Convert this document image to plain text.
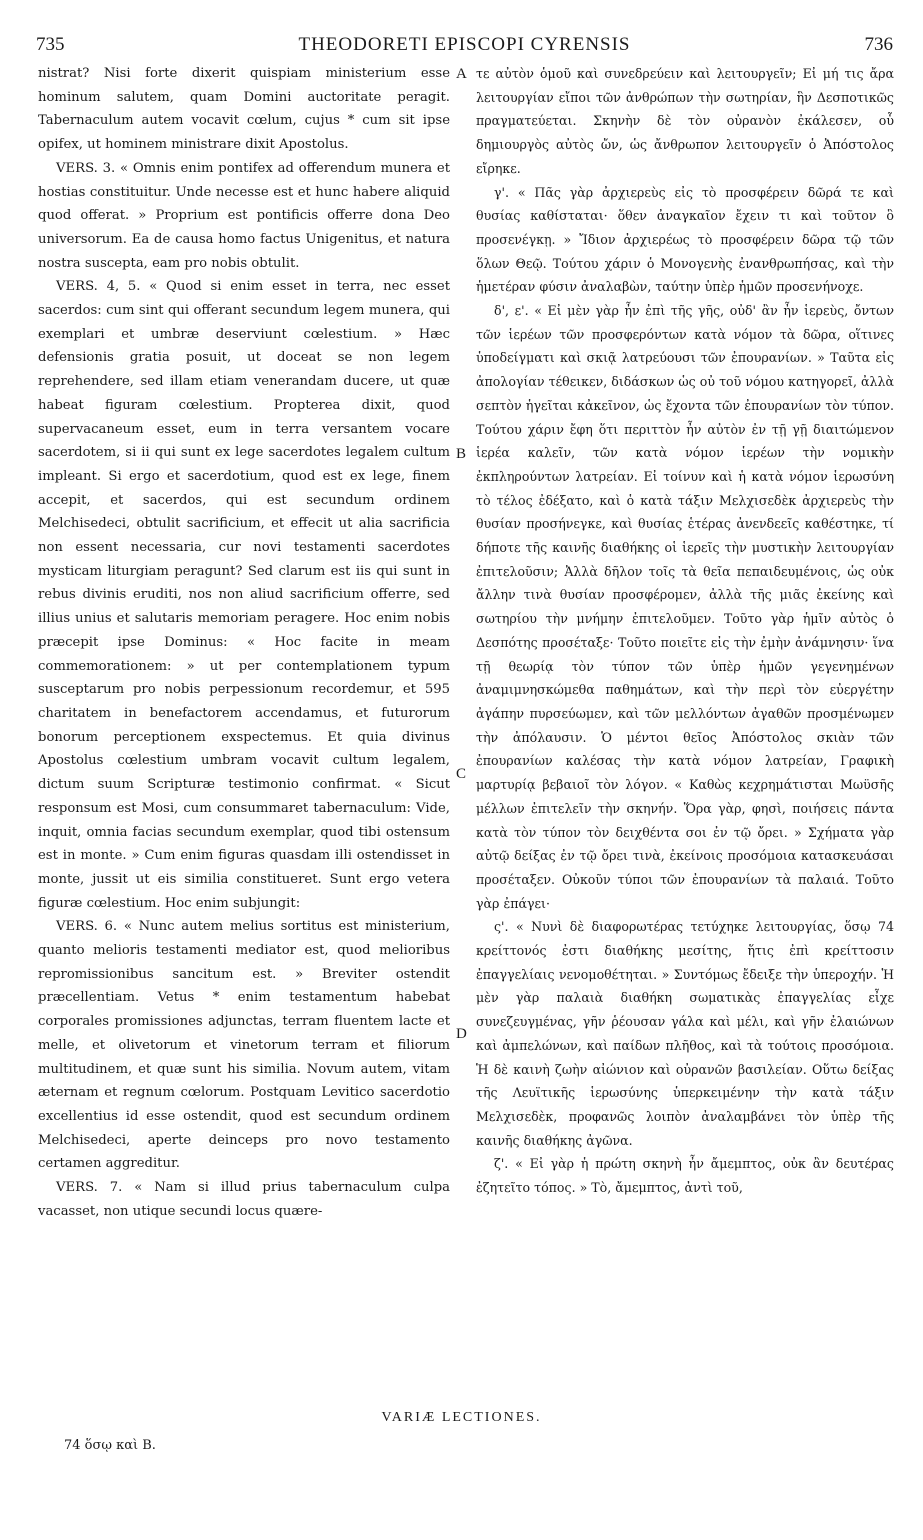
735	THEODORETI EPISCOPI CYRENSIS	736

nistrat? Nisi forte dixerit quispiam ministerium esse hominum salutem, quam Domini auctoritate peragit. Tabernaculum autem vocavit cœlum, cujus * cum sit ipse opifex, ut hominem ministrare dixit Apostolus.

VERS. 3. « Omnis enim pontifex ad offerendum munera et hostias constituitur. Unde necesse est et hunc habere aliquid quod offerat. » Proprium est pontificis offerre dona Deo universorum. Ea de causa homo factus Unigenitus, et natura nostra suscepta, eam pro nobis obtulit.

VERS. 4, 5. « Quod si enim esset in terra, nec esset sacerdos: cum sint qui offerant secundum legem munera, qui exemplari et umbræ deserviunt cœlestium. » Hæc defensionis gratia posuit, ut doceat se non legem reprehendere, sed illam etiam venerandam ducere, ut quæ habeat figuram cœlestium. Propterea dixit, quod supervacaneum esset, eum in terra versantem vocare sacerdotem, si ii qui sunt ex lege sacerdotes legalem cultum impleant. Si ergo et sacerdotium, quod est ex lege, finem accepit, et sacerdos, qui est secundum ordinem Melchisedeci, obtulit sacrificium, et effecit ut alia sacrificia non essent necessaria, cur novi testamenti sacerdotes mysticam liturgiam peragunt? Sed clarum est iis qui sunt in rebus divinis eruditi, nos non aliud sacrificium offerre, sed illius unius et salutaris memoriam peragere. Hoc enim nobis præcepit ipse Dominus: « Hoc facite in meam commemorationem: » ut per contemplationem typum susceptarum pro nobis perpessionum recordemur, et 595 charitatem in benefactorem accendamus, et futurorum bonorum perceptionem exspectemus. Et quia divinus Apostolus cœlestium umbram vocavit cultum legalem, dictum suum Scripturæ testimonio confirmat. « Sicut responsum est Mosi, cum consummaret tabernaculum: Vide, inquit, omnia facias secundum exemplar, quod tibi ostensum est in monte. » Cum enim figuras quasdam illi ostendisset in monte, jussit ut eis similia constitueret. Sunt ergo vetera figuræ cœlestium. Hoc enim subjungit:

VERS. 6. « Nunc autem melius sortitus est ministerium, quanto melioris testamenti mediator est, quod melioribus repromissionibus sancitum est. » Breviter ostendit præcellentiam. Vetus * enim testamentum habebat corporales promissiones adjunctas, terram fluentem lacte et melle, et olivetorum et vinetorum terram et filiorum multitudinem, et quæ sunt his similia. Novum autem, vitam æternam et regnum cœlorum. Postquam Levitico sacerdotio excellentius id esse ostendit, quod est secundum ordinem Melchisedeci, aperte deinceps pro novo testamento certamen aggreditur.

VERS. 7. « Nam si illud prius tabernaculum culpa vacasset, non utique secundi locus quære-

A
B
C
D

τε αὐτὸν ὁμοῦ καὶ συνεδρεύειν καὶ λειτουργεῖν; Εἰ μή τις ἄρα λειτουργίαν εἴποι τῶν ἀνθρώπων τὴν σωτηρίαν, ἣν Δεσποτικῶς πραγματεύεται. Σκηνὴν δὲ τὸν οὐρανὸν ἐκάλεσεν, οὗ δημιουργὸς αὐτὸς ὤν, ὡς ἄνθρωπον λειτουργεῖν ὁ Ἀπόστολος εἴρηκε.

γ'. « Πᾶς γὰρ ἀρχιερεὺς εἰς τὸ προσφέρειν δῶρά τε καὶ θυσίας καθίσταται· ὅθεν ἀναγκαῖον ἔχειν τι καὶ τοῦτον ὃ προσενέγκῃ. » Ἴδιον ἀρχιερέως τὸ προσφέρειν δῶρα τῷ τῶν ὅλων Θεῷ. Τούτου χάριν ὁ Μονογενὴς ἐνανθρωπήσας, καὶ τὴν ἡμετέραν φύσιν ἀναλαβὼν, ταύτην ὑπὲρ ἡμῶν προσενήνοχε.

δ', ε'. « Εἰ μὲν γὰρ ἦν ἐπὶ τῆς γῆς, οὐδ' ἂν ἦν ἱερεὺς, ὄντων τῶν ἱερέων τῶν προσφερόντων κατὰ νόμον τὰ δῶρα, οἵτινες ὑποδείγματι καὶ σκιᾷ λατρεύουσι τῶν ἐπουρανίων. » Ταῦτα εἰς ἀπολογίαν τέθεικεν, διδάσκων ὡς οὐ τοῦ νόμου κατηγορεῖ, ἀλλὰ σεπτὸν ἡγεῖται κἀκεῖνον, ὡς ἔχοντα τῶν ἐπουρανίων τὸν τύπον. Τούτου χάριν ἔφη ὅτι περιττὸν ἦν αὐτὸν ἐν τῇ γῇ διαιτώμενον ἱερέα καλεῖν, τῶν κατὰ νόμον ἱερέων τὴν νομικὴν ἐκπληρούντων λατρείαν. Εἰ τοίνυν καὶ ἡ κατὰ νόμον ἱερωσύνη τὸ τέλος ἐδέξατο, καὶ ὁ κατὰ τάξιν Μελχισεδὲκ ἀρχιερεὺς τὴν θυσίαν προσήνεγκε, καὶ θυσίας ἑτέρας ἀνενδεεῖς καθέστηκε, τί δήποτε τῆς καινῆς διαθήκης οἱ ἱερεῖς τὴν μυστικὴν λειτουργίαν ἐπιτελοῦσιν; Ἀλλὰ δῆλον τοῖς τὰ θεῖα πεπαιδευμένοις, ὡς οὐκ ἄλλην τινὰ θυσίαν προσφέρομεν, ἀλλὰ τῆς μιᾶς ἐκείνης καὶ σωτηρίου τὴν μνήμην ἐπιτελοῦμεν. Τοῦτο γὰρ ἡμῖν αὐτὸς ὁ Δεσπότης προσέταξε· Τοῦτο ποιεῖτε εἰς τὴν ἐμὴν ἀνάμνησιν· ἵνα τῇ θεωρίᾳ τὸν τύπον τῶν ὑπὲρ ἡμῶν γεγενημένων ἀναμιμνησκώμεθα παθημάτων, καὶ τὴν περὶ τὸν εὐεργέτην ἀγάπην πυρσεύωμεν, καὶ τῶν μελλόντων ἀγαθῶν προσμένωμεν τὴν ἀπόλαυσιν. Ὁ μέντοι θεῖος Ἀπόστολος σκιὰν τῶν ἐπουρανίων καλέσας τὴν κατὰ νόμον λατρείαν, Γραφικὴ μαρτυρίᾳ βεβαιοῖ τὸν λόγον. « Καθὼς κεχρημάτισται Μωϋσῆς μέλλων ἐπιτελεῖν τὴν σκηνήν. Ὅρα γὰρ, φησὶ, ποιήσεις πάντα κατὰ τὸν τύπον τὸν δειχθέντα σοι ἐν τῷ ὄρει. » Σχήματα γὰρ αὐτῷ δείξας ἐν τῷ ὄρει τινὰ, ἐκείνοις προσόμοια κατασκευάσαι προσέταξεν. Οὐκοῦν τύποι τῶν ἐπουρανίων τὰ παλαιά. Τοῦτο γὰρ ἐπάγει·

ς'. « Νυνὶ δὲ διαφορωτέρας τετύχηκε λειτουργίας, ὅσῳ 74 κρείττονός ἐστι διαθήκης μεσίτης, ἥτις ἐπὶ κρείττοσιν ἐπαγγελίαις νενομοθέτηται. » Συντόμως ἔδειξε τὴν ὑπεροχήν. Ἡ μὲν γὰρ παλαιὰ διαθήκη σωματικὰς ἐπαγγελίας εἶχε συνεζευγμένας, γῆν ῥέουσαν γάλα καὶ μέλι, καὶ γῆν ἐλαιώνων καὶ ἀμπελώνων, καὶ παίδων πλῆθος, καὶ τὰ τούτοις προσόμοια. Ἡ δὲ καινὴ ζωὴν αἰώνιον καὶ οὐρανῶν βασιλείαν. Οὕτω δείξας τῆς Λευϊτικῆς ἱερωσύνης ὑπερκειμένην τὴν κατὰ τάξιν Μελχισεδὲκ, προφανῶς λοιπὸν ἀναλαμβάνει τὸν ὑπὲρ τῆς καινῆς διαθήκης ἀγῶνα.

ζ'. « Εἰ γὰρ ἡ πρώτη σκηνὴ ἦν ἄμεμπτος, οὐκ ἂν δευτέρας ἐζητεῖτο τόπος. » Τὸ, ἄμεμπτος, ἀντὶ τοῦ,

VARIÆ LECTIONES.
74 ὅσῳ καὶ B.
